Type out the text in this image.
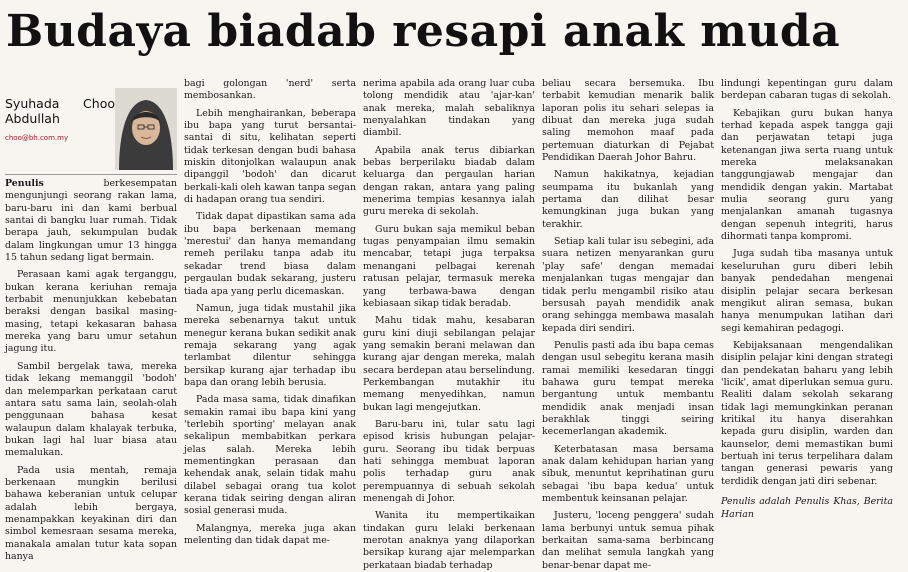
Budaya biadab resapi anak muda
Syuhada Choo Abdullah
choo@bh.com.my

Penulis	berkesempatan mengunjungi seorang rakan lama, baru-baru ini dan kami berbual santai di bangku luar rumah. Tidak berapa jauh, sekumpulan budak dalam lingkungan umur 13 hingga 15 tahun sedang ligat bermain.

Perasaan kami agak terganggu, bukan kerana keriuhan remaja terbabit menunjukkan kebebatan beraksi dengan basikal masing-masing, tetapi kekasaran bahasa mereka yang baru umur setahun jagung itu.

Sambil bergelak tawa, mereka tidak lekang memanggil 'bodoh' dan melemparkan perkataan carut antara satu sama lain, seolah-olah penggunaan bahasa kesat walaupun dalam khalayak terbuka, bukan lagi hal luar biasa atau memalukan.

Pada usia mentah, remaja berkenaan mungkin berilusi bahawa keberanian untuk celupar adalah lebih bergaya, menampakkan keyakinan diri dan simbol kemesraan sesama mereka, manakala amalan tutur kata sopan hanya

bagi golongan 'nerd' serta membosankan.

Lebih menghairankan, beberapa ibu bapa yang turut bersantai-santai di situ, kelihatan seperti tidak terkesan dengan budi bahasa miskin ditonjolkan walaupun anak dipanggil 'bodoh' dan dicarut berkali-kali oleh kawan tanpa segan di hadapan orang tua sendiri.

Tidak dapat dipastikan sama ada ibu bapa berkenaan memang 'merestui' dan hanya memandang remeh perilaku tanpa adab itu sekadar trend biasa dalam pergaulan budak sekarang, justeru tiada apa yang perlu dicemaskan.

Namun, juga tidak mustahil jika mereka sebenarnya takut untuk menegur kerana bukan sedikit anak remaja sekarang yang agak terlambat dilentur sehingga bersikap kurang ajar terhadap ibu bapa dan orang lebih berusia.

Pada masa sama, tidak dinafikan semakin ramai ibu bapa kini yang 'terlebih sporting' melayan anak sekalipun membabitkan perkara jelas salah. Mereka lebih mementingkan perasaan dan kehendak anak, selain tidak mahu dilabel sebagai orang tua kolot kerana tidak seiring dengan aliran sosial generasi muda.

Malangnya, mereka juga akan melenting dan tidak dapat me-

nerima apabila ada orang luar cuba tolong mendidik atau 'ajar-kan' anak mereka, malah sebaliknya menyalahkan tindakan yang diambil.

Apabila anak terus dibiarkan bebas berperilaku biadab dalam keluarga dan pergaulan harian dengan rakan, antara yang paling menerima tempias kesannya ialah guru mereka di sekolah.

Guru bukan saja memikul beban tugas penyampaian ilmu semakin mencabar, tetapi juga terpaksa menangani pelbagai kerenah ratusan pelajar, termasuk mereka yang terbawa-bawa dengan kebiasaan sikap tidak beradab.

Mahu tidak mahu, kesabaran guru kini diuji sebilangan pelajar yang semakin berani melawan dan kurang ajar dengan mereka, malah secara berdepan atau berselindung. Perkembangan mutakhir itu memang menyedihkan, namun bukan lagi mengejutkan.

Baru-baru ini, tular satu lagi episod krisis hubungan pelajar-guru. Seorang ibu tidak berpuas hati sehingga membuat laporan polis terhadap guru anak perempuannya di sebuah sekolah menengah di Johor.

Wanita itu mempertikaikan tindakan guru lelaki berkenaan merotan anaknya yang dilaporkan bersikap kurang ajar melemparkan perkataan biadab terhadap

beliau secara bersemuka. Ibu terbabit kemudian menarik balik laporan polis itu sehari selepas ia dibuat dan mereka juga sudah saling memohon maaf pada pertemuan diaturkan di Pejabat Pendidikan Daerah Johor Bahru.

Namun hakikatnya, kejadian seumpama itu bukanlah yang pertama dan dilihat besar kemungkinan juga bukan yang terakhir.

Setiap kali tular isu sebegini, ada suara netizen menyarankan guru 'play safe' dengan memadai menjalankan tugas mengajar dan tidak perlu mengambil risiko atau bersusah payah mendidik anak orang sehingga membawa masalah kepada diri sendiri.

Penulis pasti ada ibu bapa cemas dengan usul sebegitu kerana masih ramai memiliki kesedaran tinggi bahawa guru tempat mereka bergantung untuk membantu mendidik anak menjadi insan berakhlak tinggi seiring kecemerlangan akademik.

Keterbatasan masa bersama anak dalam kehidupan harian yang sibuk, menuntut keprihatinan guru sebagai 'ibu bapa kedua' untuk membentuk keinsanan pelajar.

Justeru, 'loceng penggera' sudah lama berbunyi untuk semua pihak berkaitan sama-sama berbincang dan melihat semula langkah yang benar-benar dapat me-

lindungi kepentingan guru dalam berdepan cabaran tugas di sekolah.

Kebajikan guru bukan hanya terhad kepada aspek tangga gaji dan perjawatan tetapi juga ketenangan jiwa serta ruang untuk mereka melaksanakan tanggungjawab mengajar dan mendidik dengan yakin. Martabat mulia seorang guru yang menjalankan amanah tugasnya dengan sepenuh integriti, harus dihormati tanpa kompromi.

Juga sudah tiba masanya untuk keseluruhan guru diberi lebih banyak pendedahan mengenai disiplin pelajar secara berkesan mengikut aliran semasa, bukan hanya menumpukan latihan dari segi kemahiran pedagogi.

Kebijaksanaan mengendalikan disiplin pelajar kini dengan strategi dan pendekatan baharu yang lebih 'licik', amat diperlukan semua guru. Realiti dalam sekolah sekarang tidak lagi memungkinkan peranan kritikal itu hanya diserahkan kepada guru disiplin, warden dan kaunselor, demi memastikan bumi bertuah ini terus terpelihara dalam tangan generasi pewaris yang terdidik dengan jati diri sebenar.

Penulis adalah Penulis Khas, Berita Harian
